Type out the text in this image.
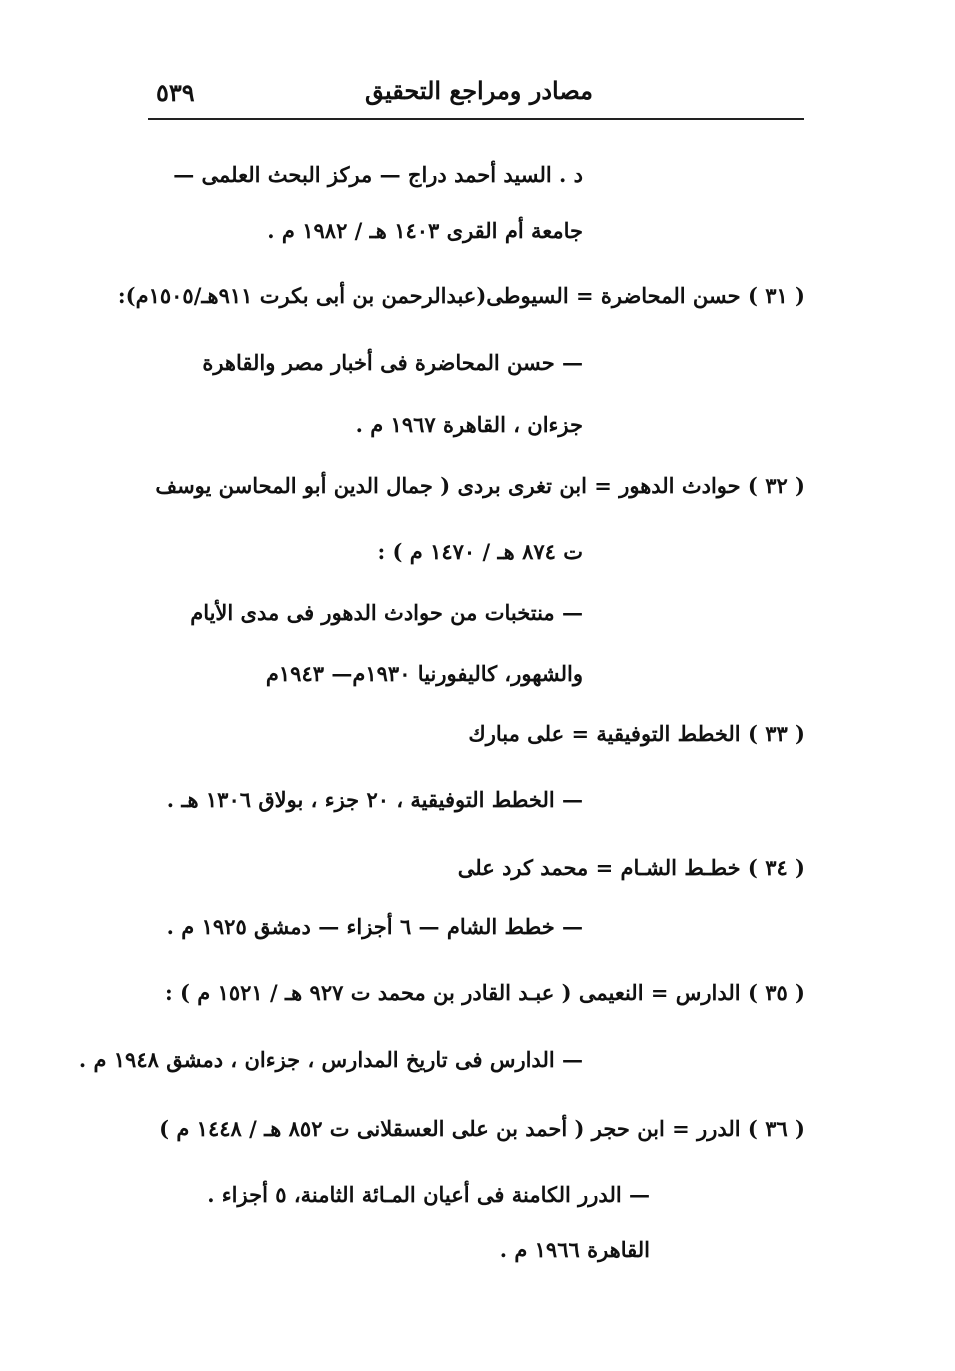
٥٣٩	مصادر ومراجع التحقيق
د . السيد أحمد دراج — مركز البحث العلمى —
جامعة أم القرى ١٤٠٣ هـ / ١٩٨٢ م .
( ٣١ ) حسن المحاضرة = السيوطى(عبدالرحمن بن أبى بكرت ٩١١هـ/١٥٠٥م):
— حسن المحاضرة فى أخبار مصر والقاهرة
جزءان ، القاهرة ١٩٦٧ م .
( ٣٢ ) حوادث الدهور = ابن تغرى بردى ( جمال الدين أبو المحاسن يوسف
ت ٨٧٤ هـ / ١٤٧٠ م ) :
— منتخبات من حوادث الدهور فى مدى الأيام
والشهور، كاليفورنيا ١٩٣٠م— ١٩٤٣م
( ٣٣ ) الخطط التوفيقية = على مبارك
— الخطط التوفيقية ، ٢٠ جزء ، بولاق ١٣٠٦ هـ .
( ٣٤ ) خطـط الشـام = محمد كرد على
— خطط الشام — ٦ أجزاء — دمشق ١٩٢٥ م .
( ٣٥ ) الدارس = النعيمى ( عبـد القادر بن محمد ت ٩٢٧ هـ / ١٥٢١ م ) :
— الدارس فى تاريخ المدارس ، جزءان ، دمشق ١٩٤٨ م .
( ٣٦ ) الدرر = ابن حجر ( أحمد بن على العسقلانى ت ٨٥٢ هـ / ١٤٤٨ م )
— الدرر الكامنة فى أعيان المـائة الثامنة، ٥ أجزاء .
القاهرة ١٩٦٦ م .
